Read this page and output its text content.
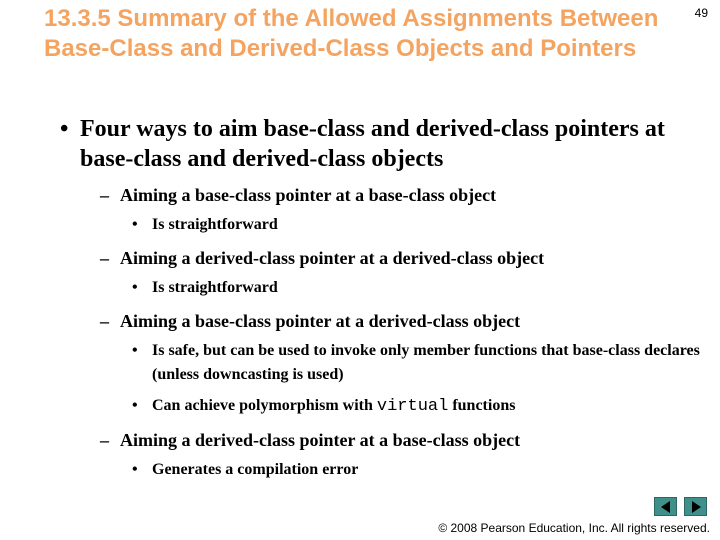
49
13.3.5 Summary of the Allowed Assignments Between Base-Class and Derived-Class Objects and Pointers
• Four ways to aim base-class and derived-class pointers at base-class and derived-class objects
– Aiming a base-class pointer at a base-class object
• Is straightforward
– Aiming a derived-class pointer at a derived-class object
• Is straightforward
– Aiming a base-class pointer at a derived-class object
• Is safe, but can be used to invoke only member functions that base-class declares (unless downcasting is used)
• Can achieve polymorphism with virtual functions
– Aiming a derived-class pointer at a base-class object
• Generates a compilation error
© 2008 Pearson Education, Inc. All rights reserved.
